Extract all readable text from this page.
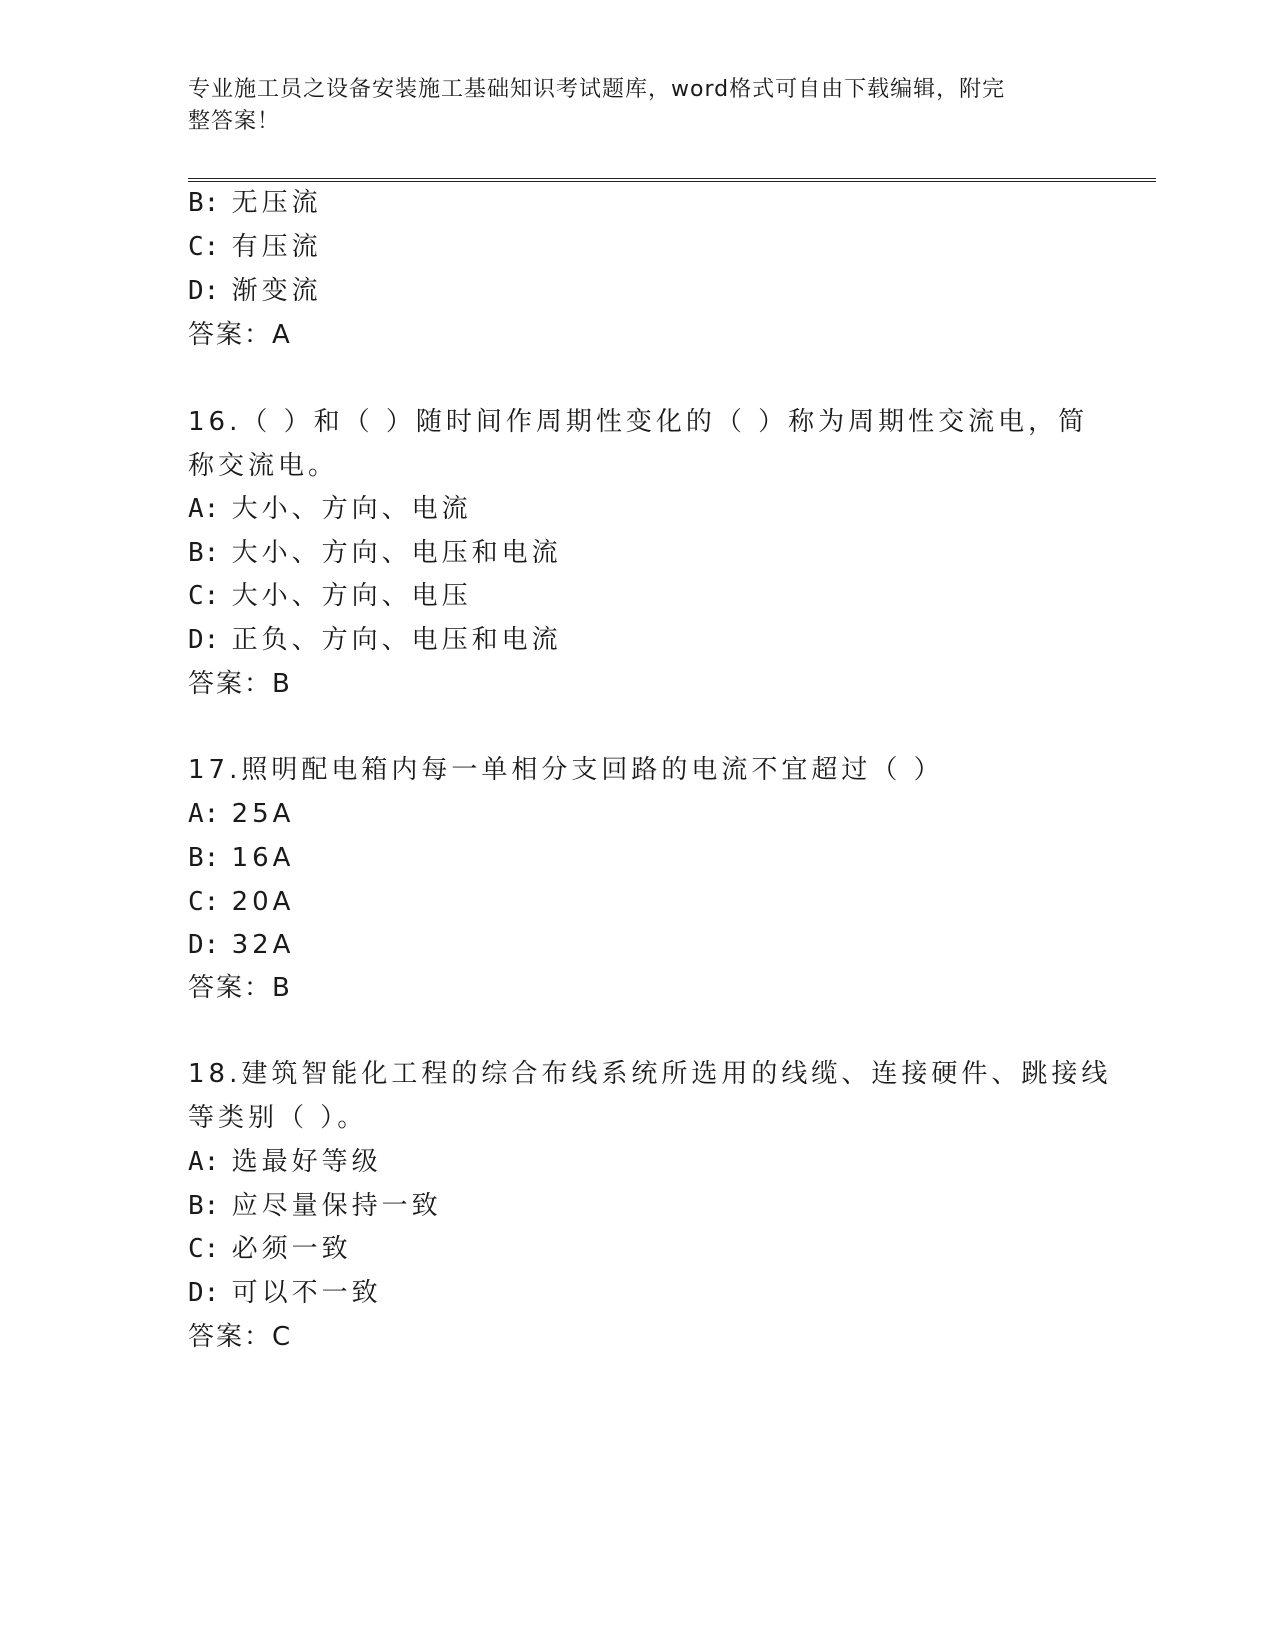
专业施工员之设备安装施工基础知识考试题库，word格式可自由下载编辑，附完
整答案！
B: 无压流
C: 有压流
D: 渐变流
答案：A
16.（ ）和（ ）随时间作周期性变化的（ ）称为周期性交流电，简
称交流电。
A: 大小、方向、电流
B: 大小、方向、电压和电流
C: 大小、方向、电压
D: 正负、方向、电压和电流
答案：B
17.照明配电箱内每一单相分支回路的电流不宜超过（ ）
A: 25A
B: 16A
C: 20A
D: 32A
答案：B
18.建筑智能化工程的综合布线系统所选用的线缆、连接硬件、跳接线
等类别（ ）。
A: 选最好等级
B: 应尽量保持一致
C: 必须一致
D: 可以不一致
答案：C
